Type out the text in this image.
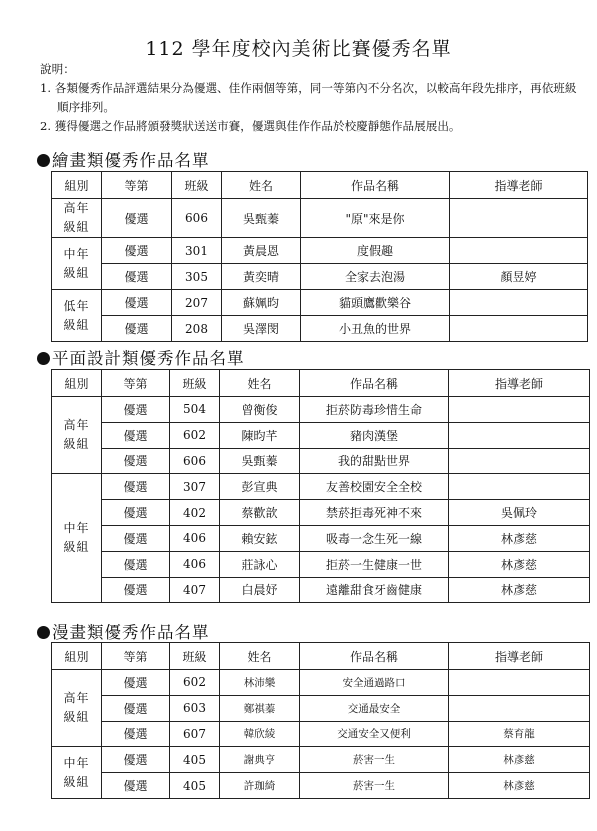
112 學年度校內美術比賽優秀名單
說明：
1. 各類優秀作品評選結果分為優選、佳作兩個等第，同一等第內不分名次，以較高年段先排序，再依班級順序排列。
2. 獲得優選之作品將頒發獎狀送送市賽，優選與佳作作品於校慶靜態作品展展出。
繪畫類優秀作品名單
組別	等第	班級	姓名	作品名稱	指導老師
高年
級組	優選	606	吳甄蓁	"原"來是你	
中年
級組	優選	301	黃晨恩	度假趣	
	優選	305	黃奕晴	全家去泡湯	顏昱婷
低年
級組	優選	207	蘇姵昀	貓頭鷹歡樂谷	
	優選	208	吳澤閔	小丑魚的世界	
平面設計類優秀作品名單
組別	等第	班級	姓名	作品名稱	指導老師
高年
級組	優選	504	曾衡俊	拒菸防毒珍惜生命	
	優選	602	陳昀芊	豬肉漢堡	
	優選	606	吳甄蓁	我的甜點世界	
中年
級組	優選	307	彭宣典	友善校園安全全校	
	優選	402	蔡歡歆	禁菸拒毒死神不來	吳佩玲
	優選	406	賴安鉉	吸毒一念生死一線	林彥慈
	優選	406	莊詠心	拒菸一生健康一世	林彥慈
	優選	407	白晨妤	遠離甜食牙齒健康	林彥慈
漫畫類優秀作品名單
組別	等第	班級	姓名	作品名稱	指導老師
高年
級組	優選	602	林沛樂	安全通過路口	
	優選	603	鄭祺蓁	交通最安全	
	優選	607	韓欣綾	交通安全又便利	蔡育龍
中年
級組	優選	405	謝典亨	菸害一生	林彥慈
	優選	405	許珈綺	菸害一生	林彥慈
